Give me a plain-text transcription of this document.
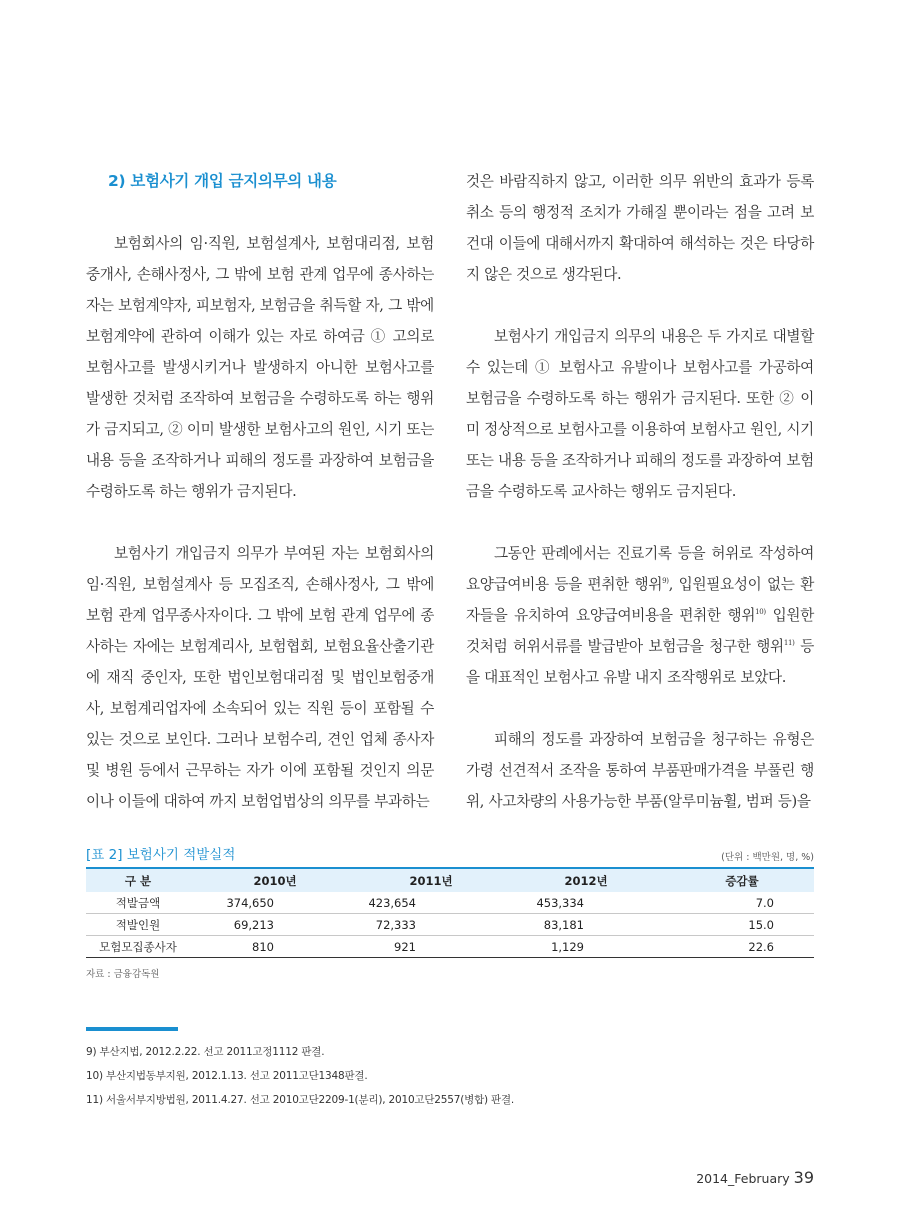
2) 보험사기 개입 금지의무의 내용

보험회사의 임·직원, 보험설계사, 보험대리점, 보험중개사, 손해사정사, 그 밖에 보험 관계 업무에 종사하는 자는 보험계약자, 피보험자, 보험금을 취득할 자, 그 밖에 보험계약에 관하여 이해가 있는 자로 하여금 ① 고의로 보험사고를 발생시키거나 발생하지 아니한 보험사고를 발생한 것처럼 조작하여 보험금을 수령하도록 하는 행위가 금지되고, ② 이미 발생한 보험사고의 원인, 시기 또는 내용 등을 조작하거나 피해의 정도를 과장하여 보험금을 수령하도록 하는 행위가 금지된다.

보험사기 개입금지 의무가 부여된 자는 보험회사의 임·직원, 보험설계사 등 모집조직, 손해사정사, 그 밖에 보험 관계 업무종사자이다. 그 밖에 보험 관계 업무에 종사하는 자에는 보험계리사, 보험협회, 보험요율산출기관에 재직 중인자, 또한 법인보험대리점 및 법인보험중개사, 보험계리업자에 소속되어 있는 직원 등이 포함될 수 있는 것으로 보인다. 그러나 보험수리, 견인 업체 종사자 및 병원 등에서 근무하는 자가 이에 포함될 것인지 의문이나 이들에 대하여 까지 보험업법상의 의무를 부과하는

것은 바람직하지 않고, 이러한 의무 위반의 효과가 등록 취소 등의 행정적 조치가 가해질 뿐이라는 점을 고려 보건대 이들에 대해서까지 확대하여 해석하는 것은 타당하지 않은 것으로 생각된다.

보험사기 개입금지 의무의 내용은 두 가지로 대별할 수 있는데 ① 보험사고 유발이나 보험사고를 가공하여 보험금을 수령하도록 하는 행위가 금지된다. 또한 ② 이미 정상적으로 보험사고를 이용하여 보험사고 원인, 시기 또는 내용 등을 조작하거나 피해의 정도를 과장하여 보험금을 수령하도록 교사하는 행위도 금지된다.

그동안 판례에서는 진료기록 등을 허위로 작성하여 요양급여비용 등을 편취한 행위$^{9)}$, 입원필요성이 없는 환자들을 유치하여 요양급여비용을 편취한 행위$^{10)}$ 입원한 것처럼 허위서류를 발급받아 보험금을 청구한 행위$^{11)}$ 등을 대표적인 보험사고 유발 내지 조작행위로 보았다.

피해의 정도를 과장하여 보험금을 청구하는 유형은 가령 선견적서 조작을 통하여 부품판매가격을 부풀린 행위, 사고차량의 사용가능한 부품(알루미늄휠, 범퍼 등)을

[표 2] 보험사기 적발실적	(단위 : 백만원, 명, %)
구 분	2010년	2011년	2012년	증감률
적발금액	374,650	423,654	453,334	7.0
적발인원	69,213	72,333	83,181	15.0
모험모집종사자	810	921	1,129	22.6
자료 : 금융감독원
9) 부산지법, 2012.2.22. 선고 2011고정1112 판결.
10) 부산지법동부지원, 2012.1.13. 선고 2011고단1348판결.
11) 서울서부지방법원, 2011.4.27. 선고 2010고단2209-1(분리), 2010고단2557(병합) 판결.
2014_February 39
